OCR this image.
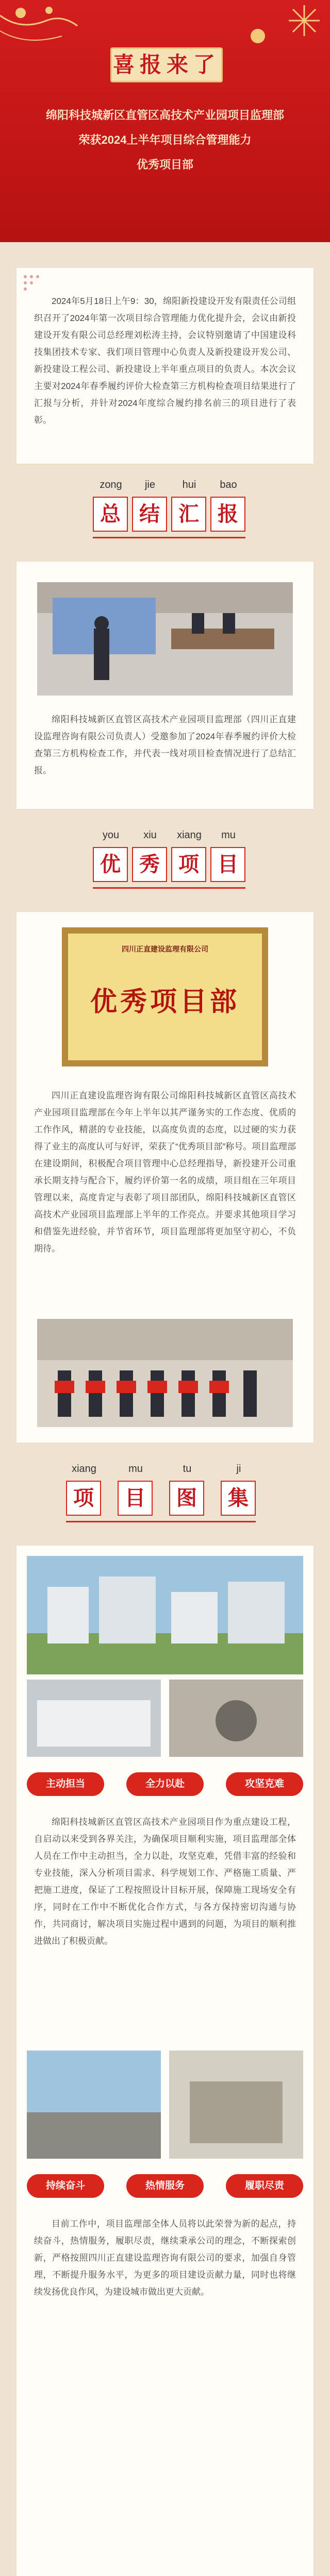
喜报来了
绵阳科技城新区直管区高技术产业园项目监理部
荣获2024上半年项目综合管理能力
优秀项目部
2024年5月18日上午9：30，绵阳新投建设开发有限责任公司组织召开了2024年第一次项目综合管理能力优化提升会，会议由新投建设开发有限公司总经理刘松涛主持，会议特别邀请了中国建设科技集团技术专家、我们项目管理中心负责人及新投建设开发公司、新投建设工程公司、新投建设上半年重点项目的负责人。本次会议主要对2024年春季履约评价大检查第三方机构检查项目结果进行了汇报与分析，并针对2024年度综合履约排名前三的项目进行了表彰。
zong	jie	hui	bao
总 结 汇 报
绵阳科技城新区直管区高技术产业园项目监理部（四川正直建设监理咨询有限公司负责人）受邀参加了2024年春季履约评价大检查第三方机构检查工作，并代表一线对项目检查情况进行了总结汇报。
you	xiu	xiang	mu
优 秀 项 目
四川正直建设监理有限公司
优秀项目部
四川正直建设监理咨询有限公司绵阳科技城新区直管区高技术产业园项目监理部在今年上半年以其严谨务实的工作态度、优质的工作作风，精湛的专业技能，以高度负责的态度，以过硬的实力获得了业主的高度认可与好评，荣获了“优秀项目部”称号。项目监理部在建设期间，积极配合项目管理中心总经理指导，新投建开公司重承长期支持与配合下，履约评价第一名的成绩，项目组在三年项目管理以来，高度肯定与表彰了项目部团队，绵阳科技城新区直管区高技术产业园项目监理部上半年的工作亮点。并要求其他项目学习和借鉴先进经验，并节省环节，项目监理部将更加坚守初心，不负期待。
xiang	mu	tu	ji
项	目	图	集
主动担当	全力以赴	攻坚克难
绵阳科技城新区直管区高技术产业园项目作为重点建设工程，自启动以来受到各界关注，为确保项目顺利实施，项目监理部全体人员在工作中主动担当，全力以赴，攻坚克难，凭借丰富的经验和专业技能，深入分析项目需求、科学规划工作、严格施工质量、严把施工进度，保证了工程按照设计目标开展，保障施工现场安全有序，同时在工作中不断优化合作方式，与各方保持密切沟通与协作，共同商讨，解决项目实施过程中遇到的问题，为项目的顺利推进做出了积极贡献。
持续奋斗	热情服务	履职尽责
目前工作中，项目监理部全体人员将以此荣誉为新的起点，持续奋斗，热情服务，履职尽责，继续秉承公司的理念，不断探索创新，严格按照四川正直建设监理咨询有限公司的要求，加强自身管理，不断提升服务水平，为更多的项目建设贡献力量，同时也将继续发扬优良作风，为建设城市做出更大贡献。
